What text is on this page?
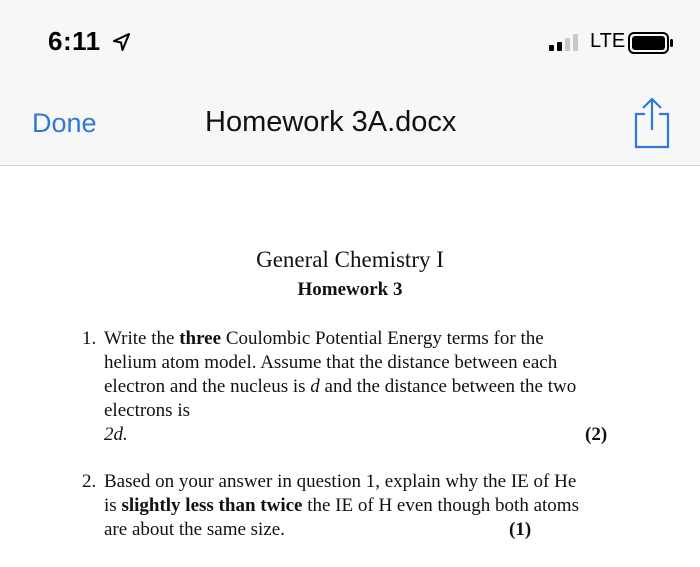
6:11	LTE
Done	Homework 3A.docx
General Chemistry I
Homework 3
1. Write the three Coulombic Potential Energy terms for the
helium atom model. Assume that the distance between each
electron and the nucleus is d and the distance between the two
electrons is
2d.	(2)
2. Based on your answer in question 1, explain why the IE of He
is slightly less than twice the IE of H even though both atoms
are about the same size.	(1)
